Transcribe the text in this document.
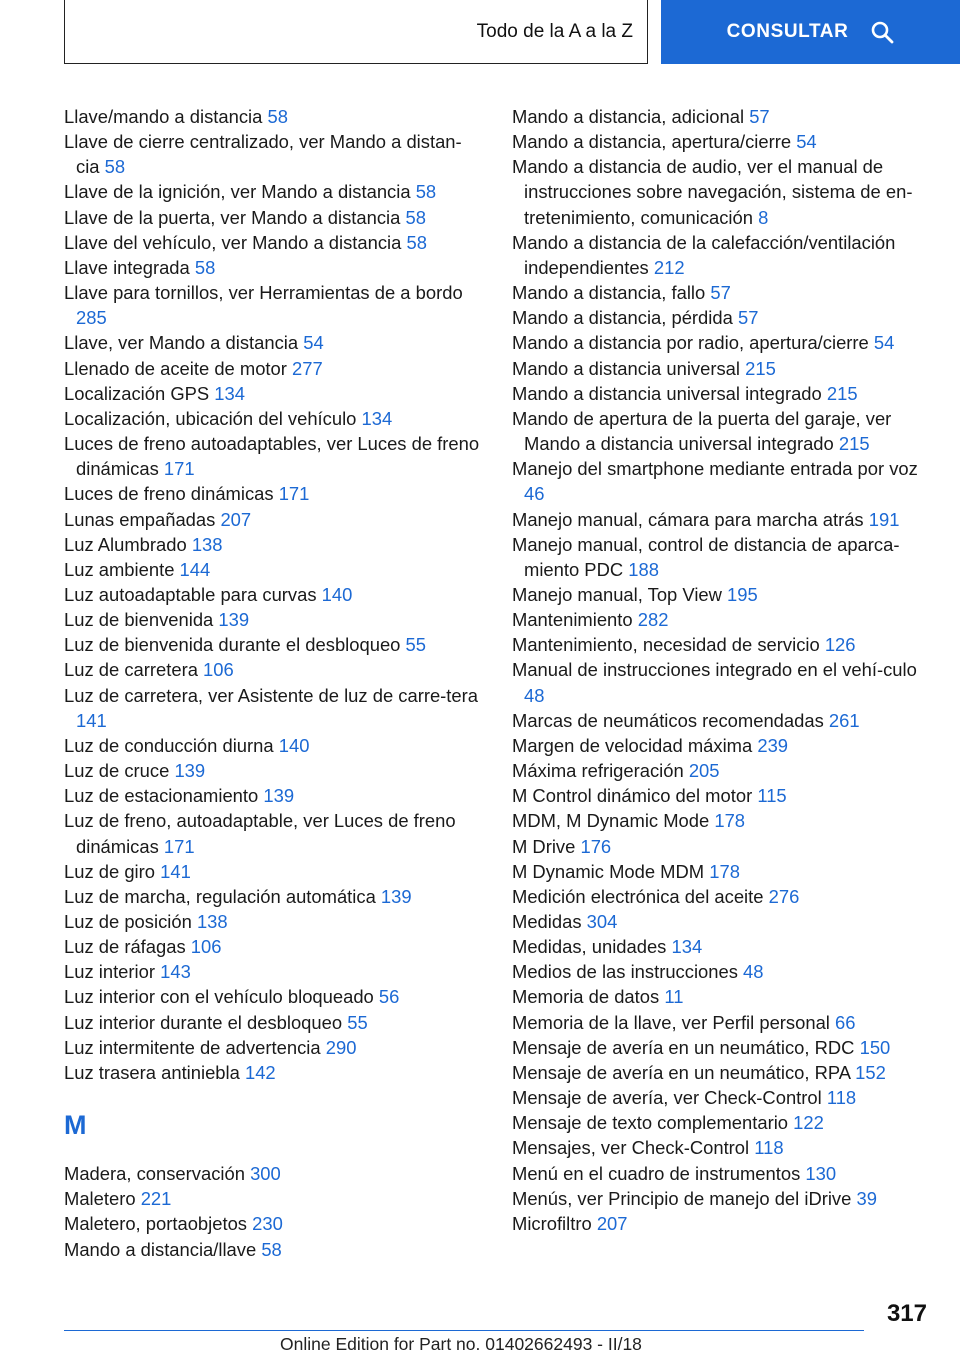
Todo de la A a la Z	CONSULTAR
Llave/mando a distancia 58
Llave de cierre centralizado, ver Mando a distan‐cia 58
Llave de la ignición, ver Mando a distancia 58
Llave de la puerta, ver Mando a distancia 58
Llave del vehículo, ver Mando a distancia 58
Llave integrada 58
Llave para tornillos, ver Herramientas de a bordo 285
Llave, ver Mando a distancia 54
Llenado de aceite de motor 277
Localización GPS 134
Localización, ubicación del vehículo 134
Luces de freno autoadaptables, ver Luces de freno dinámicas 171
Luces de freno dinámicas 171
Lunas empañadas 207
Luz Alumbrado 138
Luz ambiente 144
Luz autoadaptable para curvas 140
Luz de bienvenida 139
Luz de bienvenida durante el desbloqueo 55
Luz de carretera 106
Luz de carretera, ver Asistente de luz de carre‐tera 141
Luz de conducción diurna 140
Luz de cruce 139
Luz de estacionamiento 139
Luz de freno, autoadaptable, ver Luces de freno dinámicas 171
Luz de giro 141
Luz de marcha, regulación automática 139
Luz de posición 138
Luz de ráfagas 106
Luz interior 143
Luz interior con el vehículo bloqueado 56
Luz interior durante el desbloqueo 55
Luz intermitente de advertencia 290
Luz trasera antiniebla 142
M
Madera, conservación 300
Maletero 221
Maletero, portaobjetos 230
Mando a distancia/llave 58
Mando a distancia, adicional 57
Mando a distancia, apertura/cierre 54
Mando a distancia de audio, ver el manual de instrucciones sobre navegación, sistema de en‐tretenimiento, comunicación 8
Mando a distancia de la calefacción/ventilación independientes 212
Mando a distancia, fallo 57
Mando a distancia, pérdida 57
Mando a distancia por radio, apertura/cierre 54
Mando a distancia universal 215
Mando a distancia universal integrado 215
Mando de apertura de la puerta del garaje, ver Mando a distancia universal integrado 215
Manejo del smartphone mediante entrada por voz 46
Manejo manual, cámara para marcha atrás 191
Manejo manual, control de distancia de aparca‐miento PDC 188
Manejo manual, Top View 195
Mantenimiento 282
Mantenimiento, necesidad de servicio 126
Manual de instrucciones integrado en el vehí‐culo 48
Marcas de neumáticos recomendadas 261
Margen de velocidad máxima 239
Máxima refrigeración 205
M Control dinámico del motor 115
MDM, M Dynamic Mode 178
M Drive 176
M Dynamic Mode MDM 178
Medición electrónica del aceite 276
Medidas 304
Medidas, unidades 134
Medios de las instrucciones 48
Memoria de datos 11
Memoria de la llave, ver Perfil personal 66
Mensaje de avería en un neumático, RDC 150
Mensaje de avería en un neumático, RPA 152
Mensaje de avería, ver Check-Control 118
Mensaje de texto complementario 122
Mensajes, ver Check-Control 118
Menú en el cuadro de instrumentos 130
Menús, ver Principio de manejo del iDrive 39
Microfiltro 207
317
Online Edition for Part no. 01402662493 - II/18
